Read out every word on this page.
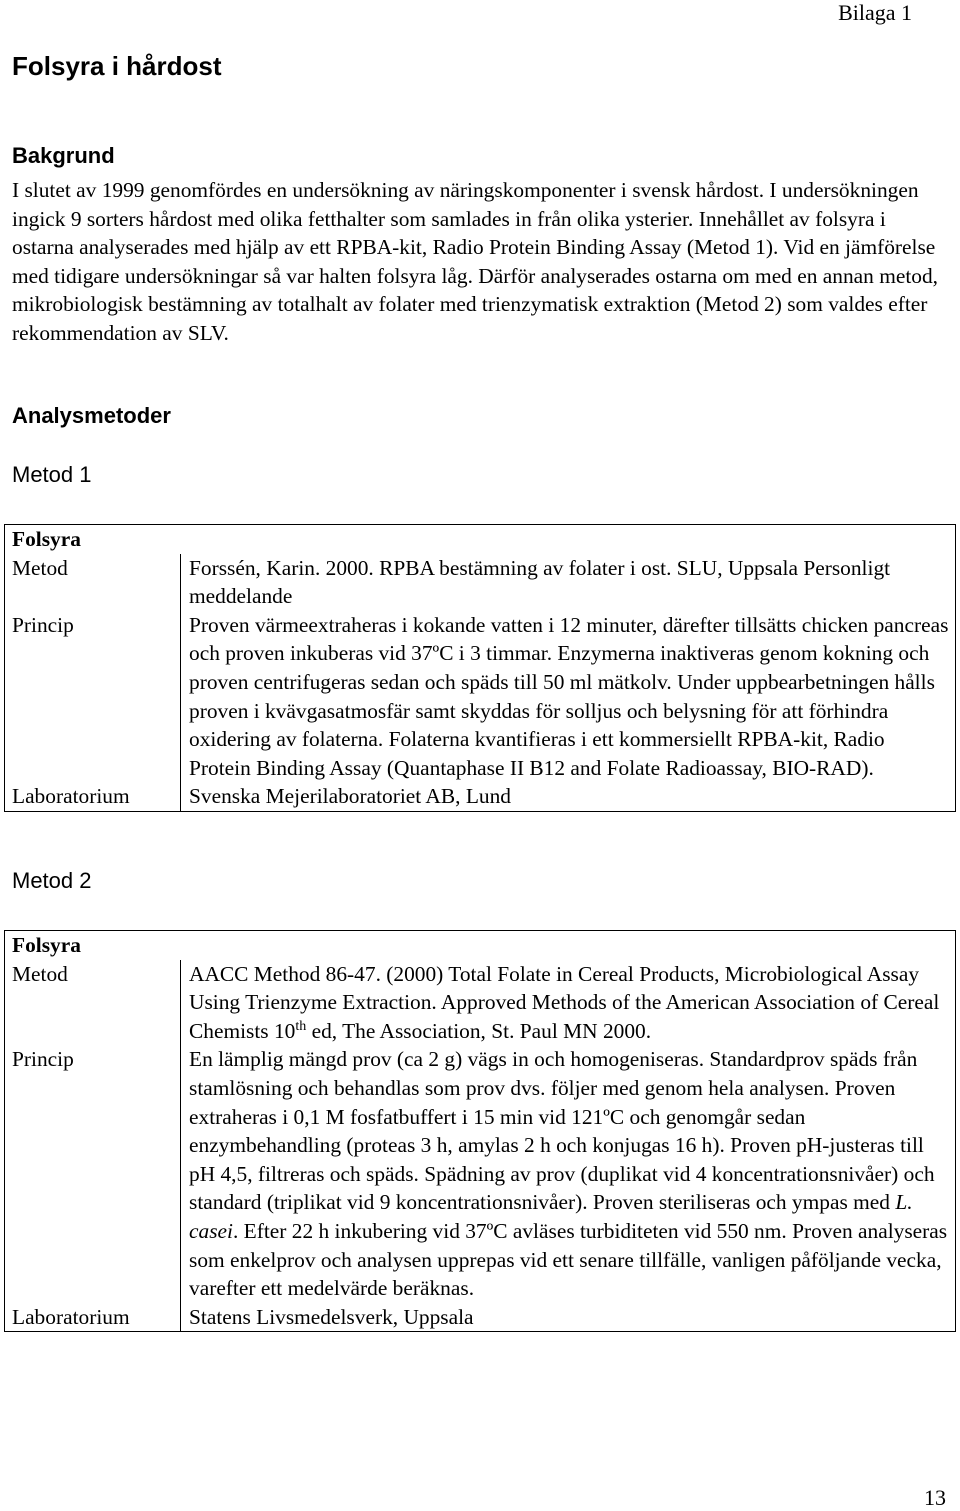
Bilaga 1
Folsyra i hårdost
Bakgrund
I slutet av 1999 genomfördes en undersökning av näringskomponenter i svensk hårdost. I undersökningen ingick 9 sorters hårdost med olika fetthalter som samlades in från olika ysterier. Innehållet av folsyra i ostarna analyserades med hjälp av ett RPBA-kit, Radio Protein Binding Assay (Metod 1). Vid en jämförelse med tidigare undersökningar så var halten folsyra låg. Därför analyserades ostarna om med en annan metod, mikrobiologisk bestämning av totalhalt av folater med trienzymatisk extraktion (Metod 2) som valdes efter rekommendation av SLV.
Analysmetoder
Metod 1
Folsyra
Metod	Forssén, Karin. 2000. RPBA bestämning av folater i ost. SLU, Uppsala Personligt meddelande
Princip	Proven värmeextraheras i kokande vatten i 12 minuter, därefter tillsätts chicken pancreas och proven inkuberas vid 37ºC i 3 timmar. Enzymerna inaktiveras genom kokning och proven centrifugeras sedan och späds till 50 ml mätkolv. Under uppbearbetningen hålls proven i kvävgasatmosfär samt skyddas för solljus och belysning för att förhindra oxidering av folaterna. Folaterna kvantifieras i ett kommersiellt RPBA-kit, Radio Protein Binding Assay (Quantaphase II B12 and Folate Radioassay, BIO-RAD).
Laboratorium	Svenska Mejerilaboratoriet AB, Lund
Metod 2
Folsyra
Metod	AACC Method 86-47. (2000) Total Folate in Cereal Products, Microbiological Assay Using Trienzyme Extraction. Approved Methods of the American Association of Cereal Chemists 10th ed, The Association, St. Paul MN 2000.
Princip	En lämplig mängd prov (ca 2 g) vägs in och homogeniseras. Standardprov späds från stamlösning och behandlas som prov dvs. följer med genom hela analysen. Proven extraheras i 0,1 M fosfatbuffert i 15 min vid 121ºC och genomgår sedan enzymbehandling (proteas 3 h, amylas 2 h och konjugas 16 h). Proven pH-justeras till pH 4,5, filtreras och späds. Spädning av prov (duplikat vid 4 koncentrationsnivåer) och standard (triplikat vid 9 koncentrationsnivåer). Proven steriliseras och ympas med L. casei. Efter 22 h inkubering vid 37ºC avläses turbiditeten vid 550 nm. Proven analyseras som enkelprov och analysen upprepas vid ett senare tillfälle, vanligen påföljande vecka, varefter ett medelvärde beräknas.
Laboratorium	Statens Livsmedelsverk, Uppsala
13
